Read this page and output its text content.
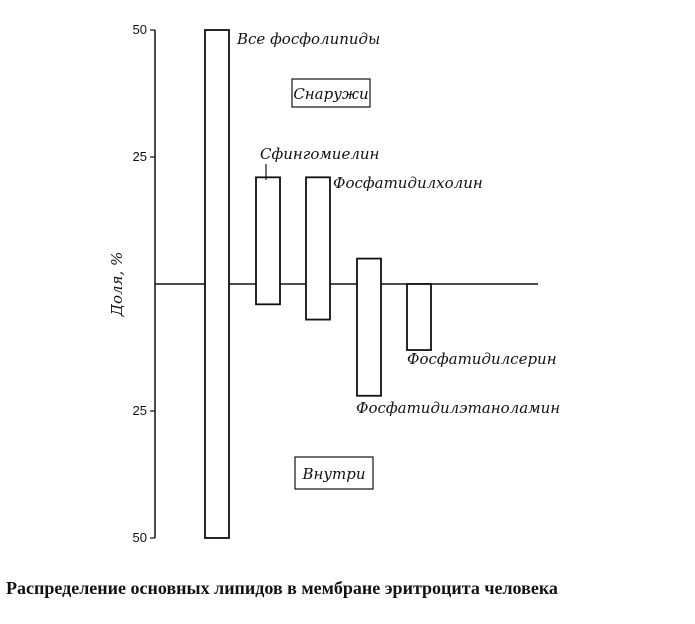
50
25
25
50
Доля, %
Все фосфолипиды
Сфингомиелин
Фосфатидилхолин
Фосфатидилэтаноламин
Фосфатидилсерин
Снаружи
Внутри
Распределение основных липидов в мембране эритроцита человека
